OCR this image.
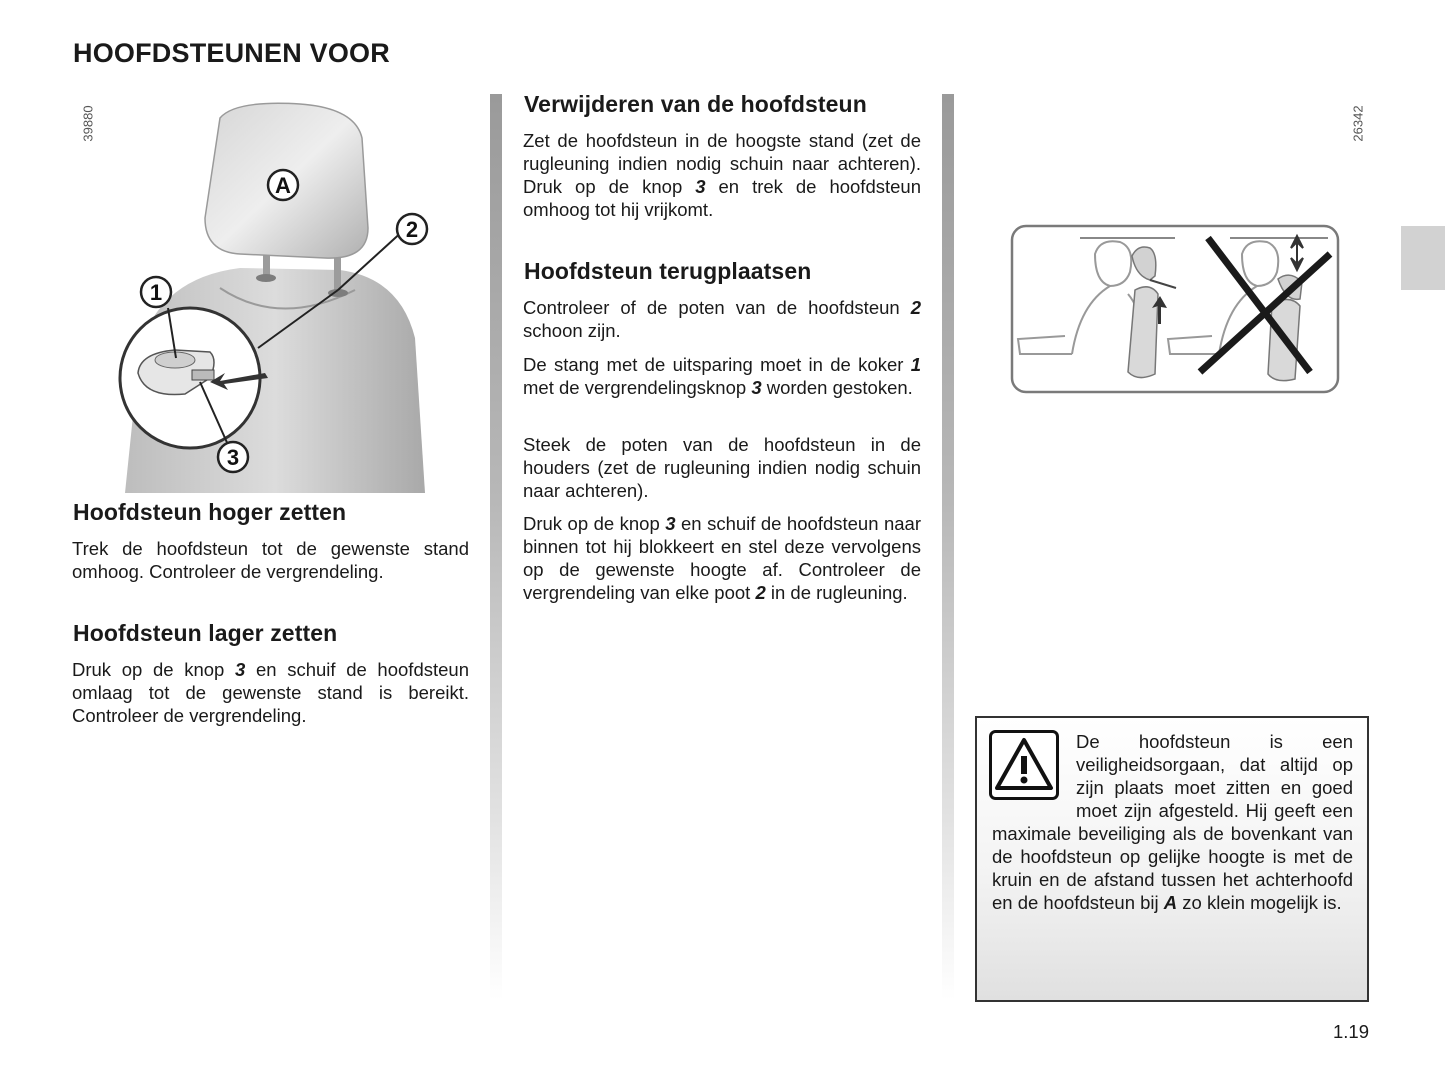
HOOFDSTEUNEN VOOR
39880	26342
A
2
1
3
Hoofdsteun hoger zetten

Trek de hoofdsteun tot de gewenste stand omhoog. Controleer de vergrendeling.

Hoofdsteun lager zetten

Druk op de knop 3 en schuif de hoofdsteun omlaag tot de gewenste stand is bereikt. Controleer de vergrendeling.

Verwijderen van de hoofdsteun

Zet de hoofdsteun in de hoogste stand (zet de rugleuning indien nodig schuin naar achteren). Druk op de knop 3 en trek de hoofdsteun omhoog tot hij vrijkomt.

Hoofdsteun terugplaatsen

Controleer of de poten van de hoofdsteun 2 schoon zijn.

De stang met de uitsparing moet in de koker 1 met de vergrendelingsknop 3 worden gestoken.

Steek de poten van de hoofdsteun in de houders (zet de rugleuning indien nodig schuin naar achteren).

Druk op de knop 3 en schuif de hoofdsteun naar binnen tot hij blokkeert en stel deze vervolgens op de gewenste hoogte af. Controleer de vergrendeling van elke poot 2 in de rugleuning.

De hoofdsteun is een veiligheidsorgaan, dat altijd op zijn plaats moet zitten en goed moet zijn afgesteld. Hij geeft een maximale beveiliging als de bovenkant van de hoofdsteun op gelijke hoogte is met de kruin en de afstand tussen het achterhoofd en de hoofdsteun bij A zo klein mogelijk is.
1.19
